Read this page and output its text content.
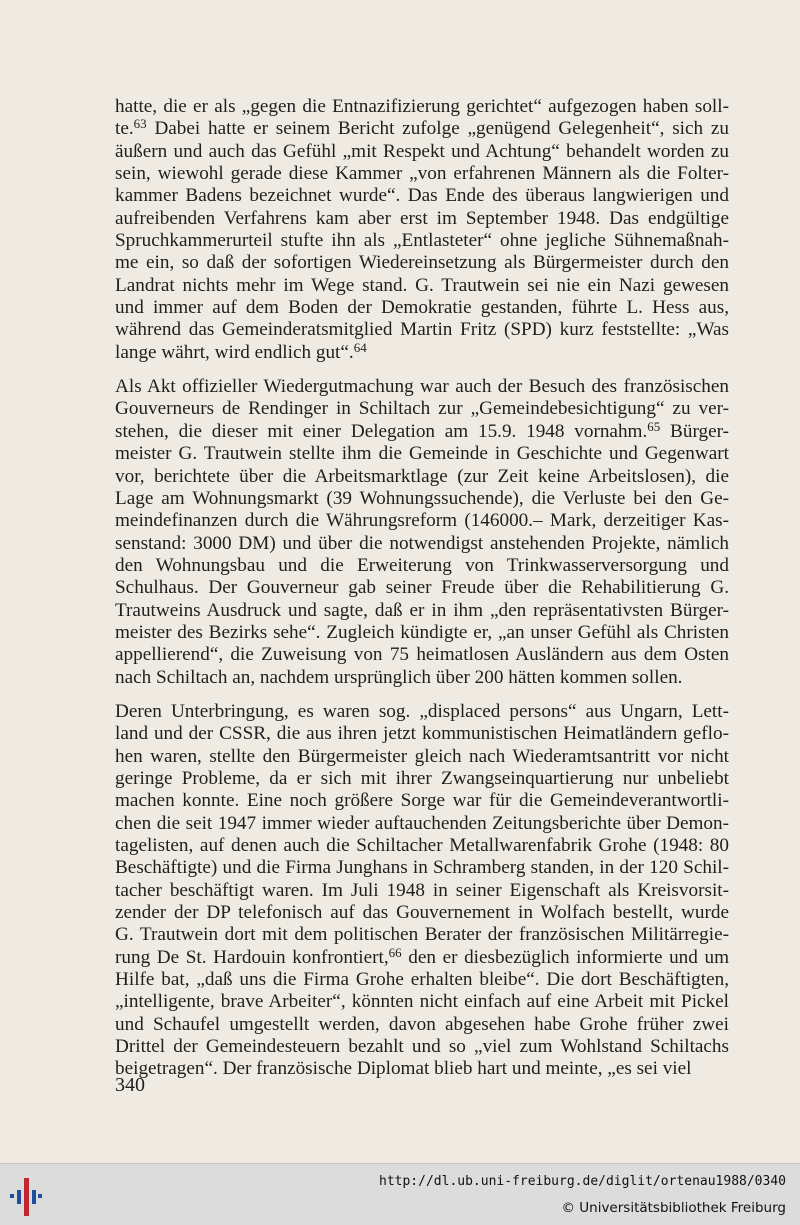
hatte, die er als „gegen die Entnazifizierung gerichtet“ aufgezogen haben soll-
te.$^{63}$ Dabei hatte er seinem Bericht zufolge „genügend Gelegenheit“, sich zu
äußern und auch das Gefühl „mit Respekt und Achtung“ behandelt worden zu
sein, wiewohl gerade diese Kammer „von erfahrenen Männern als die Folter-
kammer Badens bezeichnet wurde“. Das Ende des überaus langwierigen und
aufreibenden Verfahrens kam aber erst im September 1948. Das endgültige
Spruchkammerurteil stufte ihn als „Entlasteter“ ohne jegliche Sühnemaßnah-
me ein, so daß der sofortigen Wiedereinsetzung als Bürgermeister durch den
Landrat nichts mehr im Wege stand. G. Trautwein sei nie ein Nazi gewesen
und immer auf dem Boden der Demokratie gestanden, führte L. Hess aus,
während das Gemeinderatsmitglied Martin Fritz (SPD) kurz feststellte: „Was
lange währt, wird endlich gut“.$^{64}$

Als Akt offizieller Wiedergutmachung war auch der Besuch des französischen
Gouverneurs de Rendinger in Schiltach zur „Gemeindebesichtigung“ zu ver-
stehen, die dieser mit einer Delegation am 15.9. 1948 vornahm.$^{65}$ Bürger-
meister G. Trautwein stellte ihm die Gemeinde in Geschichte und Gegenwart
vor, berichtete über die Arbeitsmarktlage (zur Zeit keine Arbeitslosen), die
Lage am Wohnungsmarkt (39 Wohnungssuchende), die Verluste bei den Ge-
meindefinanzen durch die Währungsreform (146000.– Mark, derzeitiger Kas-
senstand: 3000 DM) und über die notwendigst anstehenden Projekte, nämlich
den Wohnungsbau und die Erweiterung von Trinkwasserversorgung und
Schulhaus. Der Gouverneur gab seiner Freude über die Rehabilitierung G.
Trautweins Ausdruck und sagte, daß er in ihm „den repräsentativsten Bürger-
meister des Bezirks sehe“. Zugleich kündigte er, „an unser Gefühl als Christen
appellierend“, die Zuweisung von 75 heimatlosen Ausländern aus dem Osten
nach Schiltach an, nachdem ursprünglich über 200 hätten kommen sollen.

Deren Unterbringung, es waren sog. „displaced persons“ aus Ungarn, Lett-
land und der CSSR, die aus ihren jetzt kommunistischen Heimatländern geflo-
hen waren, stellte den Bürgermeister gleich nach Wiederamtsantritt vor nicht
geringe Probleme, da er sich mit ihrer Zwangseinquartierung nur unbeliebt
machen konnte. Eine noch größere Sorge war für die Gemeindeverantwortli-
chen die seit 1947 immer wieder auftauchenden Zeitungsberichte über Demon-
tagelisten, auf denen auch die Schiltacher Metallwarenfabrik Grohe (1948: 80
Beschäftigte) und die Firma Junghans in Schramberg standen, in der 120 Schil-
tacher beschäftigt waren. Im Juli 1948 in seiner Eigenschaft als Kreisvorsit-
zender der DP telefonisch auf das Gouvernement in Wolfach bestellt, wurde
G. Trautwein dort mit dem politischen Berater der französischen Militärregie-
rung De St. Hardouin konfrontiert,$^{66}$ den er diesbezüglich informierte und um
Hilfe bat, „daß uns die Firma Grohe erhalten bleibe“. Die dort Beschäftigten,
„intelligente, brave Arbeiter“, könnten nicht einfach auf eine Arbeit mit Pickel
und Schaufel umgestellt werden, davon abgesehen habe Grohe früher zwei
Drittel der Gemeindesteuern bezahlt und so „viel zum Wohlstand Schiltachs
beigetragen“. Der französische Diplomat blieb hart und meinte, „es sei viel

340
http://dl.ub.uni-freiburg.de/diglit/ortenau1988/0340
© Universitätsbibliothek Freiburg
